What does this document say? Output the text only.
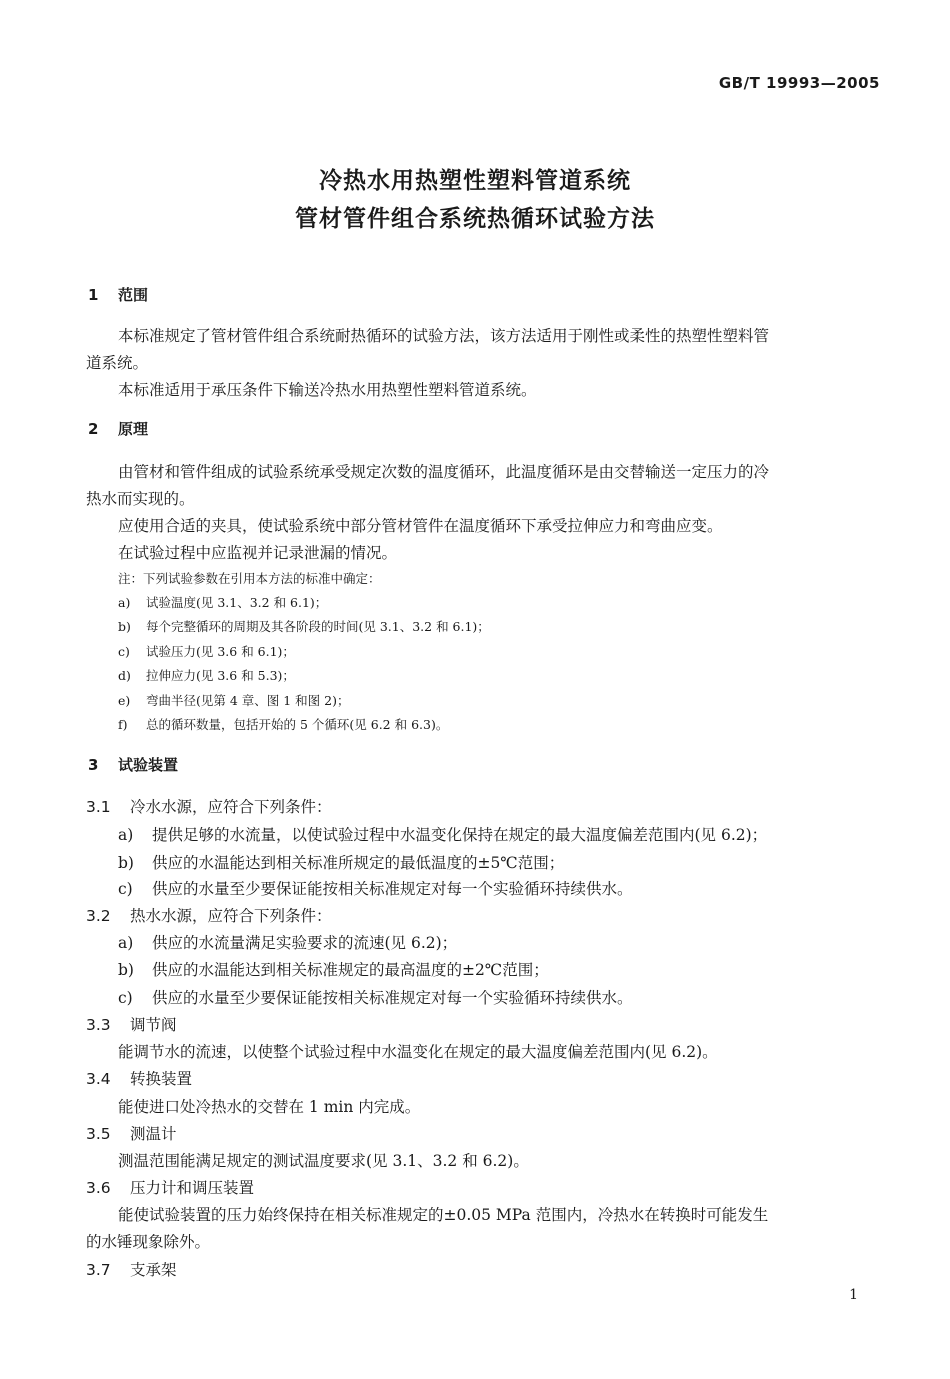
GB/T 19993—2005
冷热水用热塑性塑料管道系统
管材管件组合系统热循环试验方法
1 范围
本标准规定了管材管件组合系统耐热循环的试验方法，该方法适用于刚性或柔性的热塑性塑料管
道系统。
本标准适用于承压条件下输送冷热水用热塑性塑料管道系统。
2 原理
由管材和管件组成的试验系统承受规定次数的温度循环，此温度循环是由交替输送一定压力的冷
热水而实现的。
应使用合适的夹具，使试验系统中部分管材管件在温度循环下承受拉伸应力和弯曲应变。
在试验过程中应监视并记录泄漏的情况。
注：下列试验参数在引用本方法的标准中确定：
a) 试验温度(见 3.1、3.2 和 6.1)；
b) 每个完整循环的周期及其各阶段的时间(见 3.1、3.2 和 6.1)；
c) 试验压力(见 3.6 和 6.1)；
d) 拉伸应力(见 3.6 和 5.3)；
e) 弯曲半径(见第 4 章、图 1 和图 2)；
f) 总的循环数量，包括开始的 5 个循环(见 6.2 和 6.3)。
3 试验装置
3.1 冷水水源，应符合下列条件：
a) 提供足够的水流量，以使试验过程中水温变化保持在规定的最大温度偏差范围内(见 6.2)；
b) 供应的水温能达到相关标准所规定的最低温度的±5℃范围；
c) 供应的水量至少要保证能按相关标准规定对每一个实验循环持续供水。
3.2 热水水源，应符合下列条件：
a) 供应的水流量满足实验要求的流速(见 6.2)；
b) 供应的水温能达到相关标准规定的最高温度的±2℃范围；
c) 供应的水量至少要保证能按相关标准规定对每一个实验循环持续供水。
3.3 调节阀
能调节水的流速，以使整个试验过程中水温变化在规定的最大温度偏差范围内(见 6.2)。
3.4 转换装置
能使进口处冷热水的交替在 1 min 内完成。
3.5 测温计
测温范围能满足规定的测试温度要求(见 3.1、3.2 和 6.2)。
3.6 压力计和调压装置
能使试验装置的压力始终保持在相关标准规定的±0.05 MPa 范围内，冷热水在转换时可能发生
的水锤现象除外。
3.7 支承架
1
